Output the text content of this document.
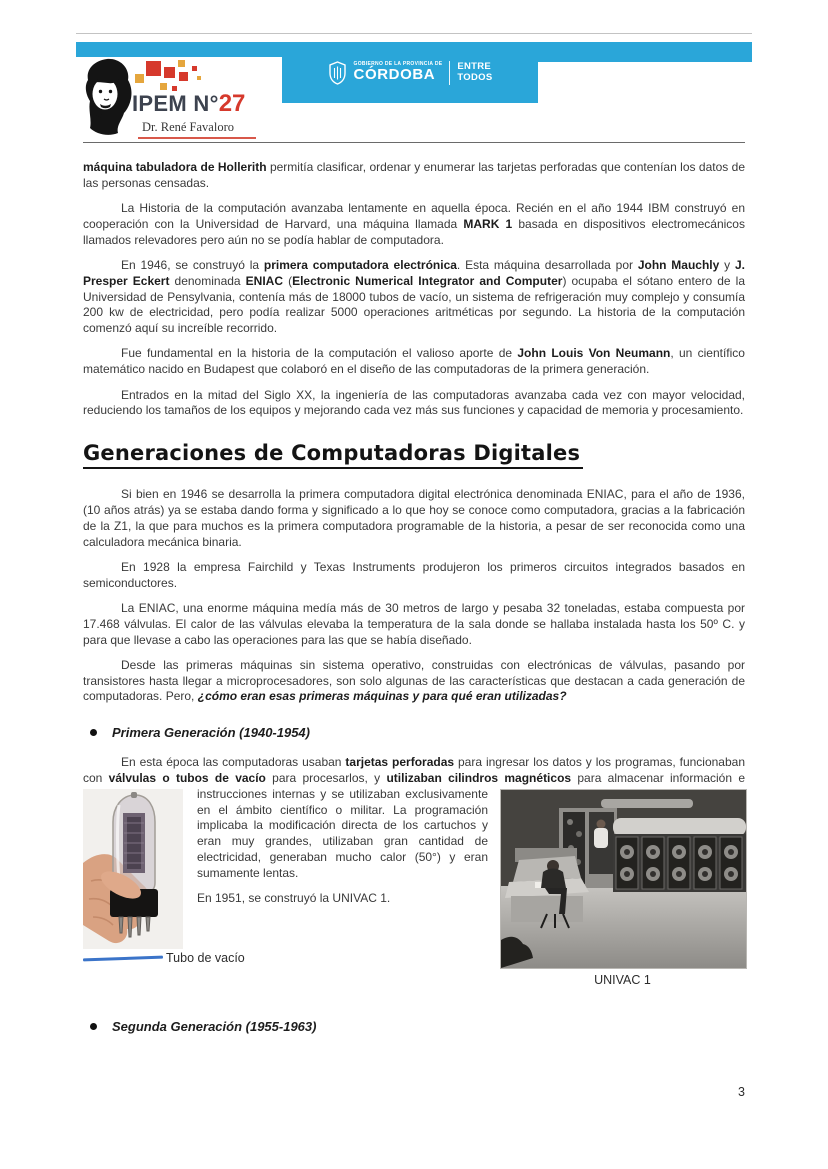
GOBIERNO DE LA PROVINCIA DE
CÓRDOBA	ENTRE
TODOS
IPEM N°27
Dr. René Favaloro

máquina tabuladora de Hollerith permitía clasificar, ordenar y enumerar las tarjetas perforadas que contenían los datos de las personas censadas.

La Historia de la computación avanzaba lentamente en aquella época. Recién en el año 1944 IBM construyó en cooperación con la Universidad de Harvard, una máquina llamada MARK 1 basada en dispositivos electromecánicos llamados relevadores pero aún no se podía hablar de computadora.

En 1946, se construyó la primera computadora electrónica. Esta máquina desarrollada por John Mauchly y J. Presper Eckert denominada ENIAC (Electronic Numerical Integrator and Computer) ocupaba el sótano entero de la Universidad de Pensylvania, contenía más de 18000 tubos de vacío, un sistema de refrigeración muy complejo y consumía 200 kw de electricidad, pero podía realizar 5000 operaciones aritméticas por segundo. La historia de la computación comenzó aquí su increíble recorrido.

Fue fundamental en la historia de la computación el valioso aporte de John Louis Von Neumann, un científico matemático nacido en Budapest que colaboró en el diseño de las computadoras de la primera generación.

Entrados en la mitad del Siglo XX, la ingeniería de las computadoras avanzaba cada vez con mayor velocidad, reduciendo los tamaños de los equipos y mejorando cada vez más sus funciones y capacidad de memoria y procesamiento.

Generaciones de Computadoras Digitales

Si bien en 1946 se desarrolla la primera computadora digital electrónica denominada ENIAC, para el año de 1936, (10 años atrás) ya se estaba dando forma y significado a lo que hoy se conoce como computadora, gracias a la fabricación de la Z1, la que para muchos es la primera computadora programable de la historia, a pesar de ser reconocida como una calculadora mecánica binaria.

En 1928 la empresa Fairchild y Texas Instruments produjeron los primeros circuitos integrados basados en semiconductores.

La ENIAC, una enorme máquina medía más de 30 metros de largo y pesaba 32 toneladas, estaba compuesta por 17.468 válvulas. El calor de las válvulas elevaba la temperatura de la sala donde se hallaba instalada hasta los 50º C. y para que llevase a cabo las operaciones para las que se había diseñado.

Desde las primeras máquinas sin sistema operativo, construidas con electrónicas de válvulas, pasando por transistores hasta llegar a microprocesadores, son solo algunas de las características que destacan a cada generación de computadoras. Pero, ¿cómo eran esas primeras máquinas y para qué eran utilizadas?

Primera Generación (1940-1954)

En esta época las computadoras usaban tarjetas perforadas para ingresar los datos y los programas, funcionaban con válvulas o tubos de vacío para procesarlos, y utilizaban cilindros magnéticos
UNIVAC 1
para almacenar información e instrucciones internas y
Tubo de vacío
se utilizaban exclusivamente en el ámbito científico o militar. La programación implicaba la modificación directa de los cartuchos y eran muy grandes, utilizaban gran cantidad de electricidad, generaban mucho calor (50°) y eran sumamente lentas.

En 1951, se construyó la UNIVAC 1.

Segunda Generación (1955-1963)
3
